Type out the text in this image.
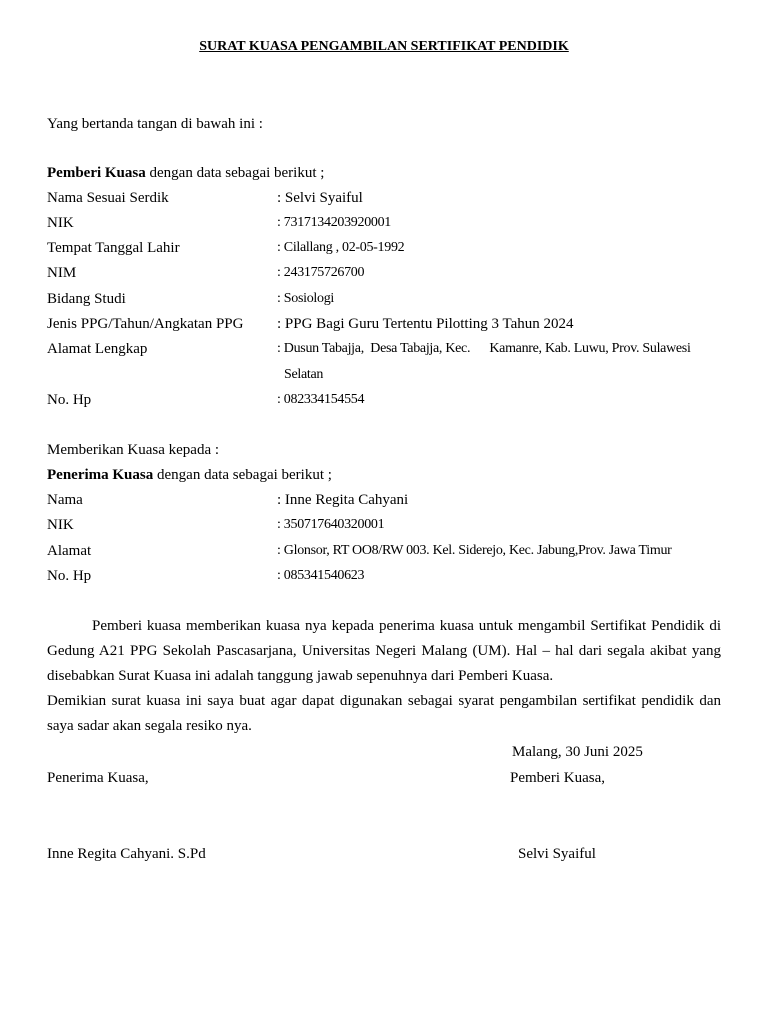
SURAT KUASA PENGAMBILAN SERTIFIKAT PENDIDIK
Yang bertanda tangan di bawah ini :
Pemberi Kuasa dengan data sebagai berikut ;
Nama Sesuai Serdik	: Selvi Syaiful
NIK	: 7317134203920001
Tempat Tanggal Lahir	: Cilallang , 02-05-1992
NIM	: 243175726700
Bidang Studi	: Sosiologi
Jenis PPG/Tahun/Angkatan PPG : PPG Bagi Guru Tertentu Pilotting 3 Tahun 2024
Alamat Lengkap	: Dusun Tabajja,  Desa Tabajja, Kec.      Kamanre, Kab. Luwu, Prov. Sulawesi
Selatan
No. Hp	: 082334154554
Memberikan Kuasa kepada :
Penerima Kuasa dengan data sebagai berikut ;
Nama	: Inne Regita Cahyani
NIK	: 350717640320001
Alamat	: Glonsor, RT OO8/RW 003. Kel. Siderejo, Kec. Jabung,Prov. Jawa Timur
No. Hp	: 085341540623
Pemberi kuasa memberikan kuasa nya kepada penerima kuasa untuk mengambil Sertifikat Pendidik di Gedung A21 PPG Sekolah Pascasarjana, Universitas Negeri Malang (UM). Hal – hal dari segala akibat yang disebabkan Surat Kuasa ini adalah tanggung jawab sepenuhnya dari Pemberi Kuasa.
Demikian surat kuasa ini saya buat agar dapat digunakan sebagai syarat pengambilan sertifikat pendidik dan saya sadar akan segala resiko nya.
Malang, 30 Juni 2025
Penerima Kuasa,	Pemberi Kuasa,
Inne Regita Cahyani. S.Pd	Selvi Syaiful
